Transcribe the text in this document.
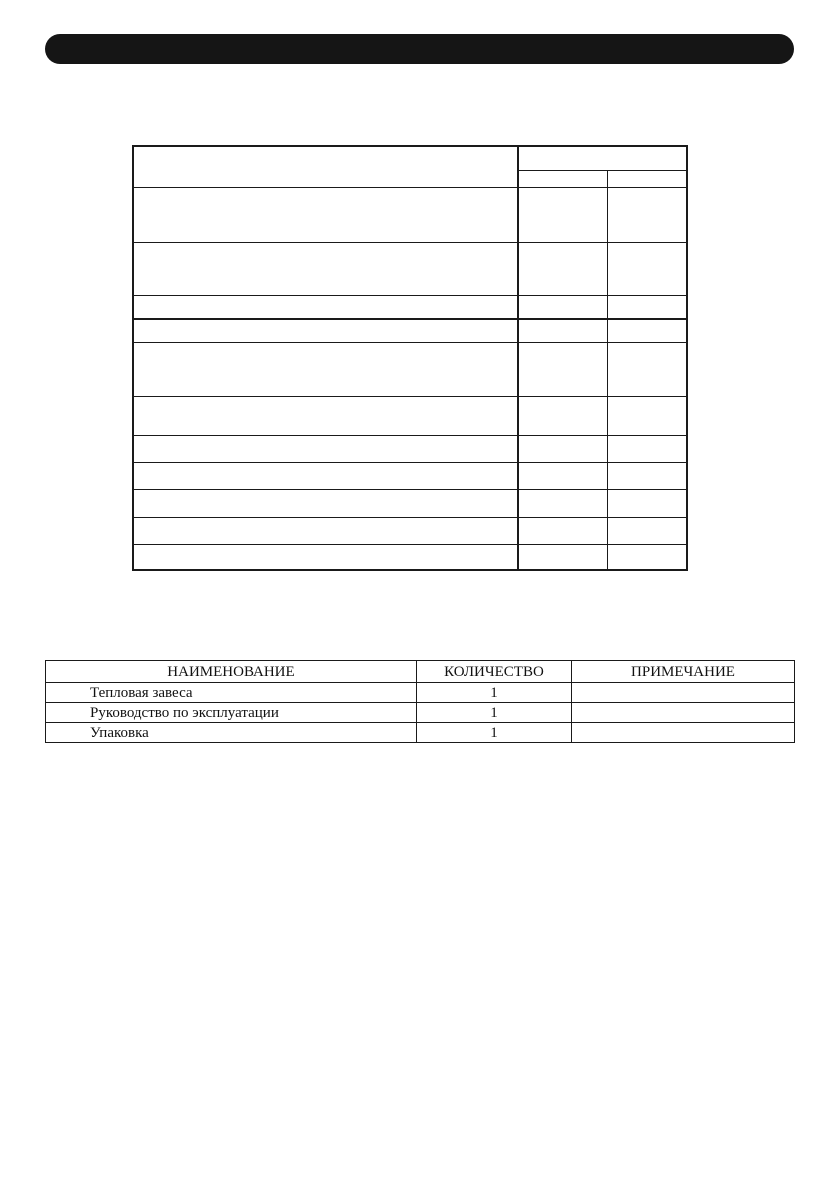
НАИМЕНОВАНИЕ	КОЛИЧЕСТВО	ПРИМЕЧАНИЕ
Тепловая завеса	1	
Руководство по эксплуатации	1	
Упаковка	1	
